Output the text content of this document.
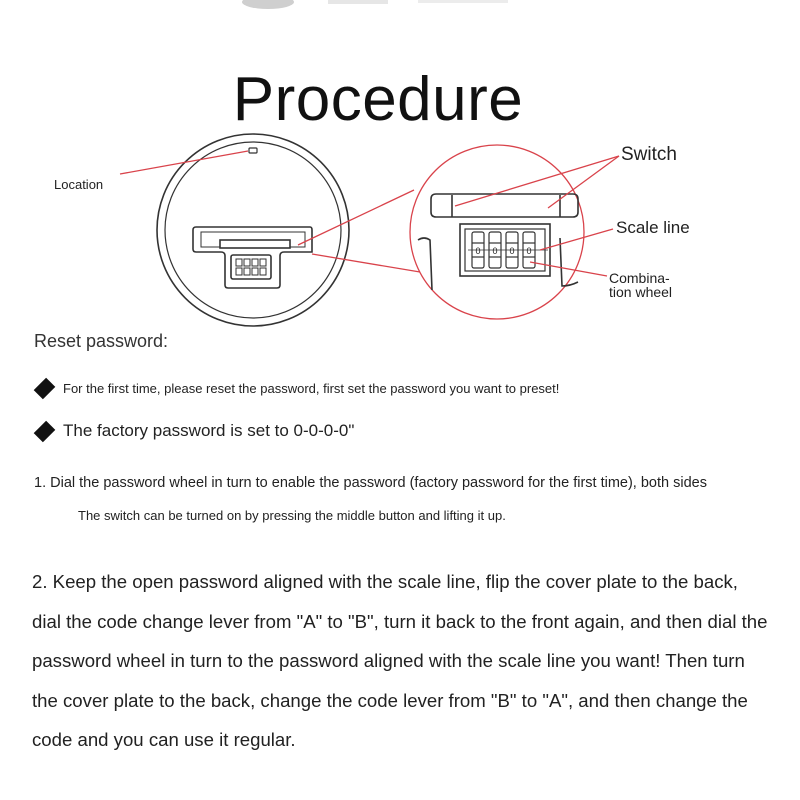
Procedure
0 0 0 0
Location
Switch
Scale line
Combina-
tion wheel
Reset password:
For the first time, please reset the password, first set the password you want to preset!
The factory password is set to 0-0-0-0"
1. Dial the password wheel in turn to enable the password (factory password for the first time), both sides
The switch can be turned on by pressing the middle button and lifting it up.
2. Keep the open password aligned with the scale line, flip the cover plate to the back, dial the code change lever from "A" to "B", turn it back to the front again, and then dial the password wheel in turn to the password aligned with the scale line you want! Then turn the cover plate to the back, change the code lever from "B" to "A", and then change the code and you can use it regular.
